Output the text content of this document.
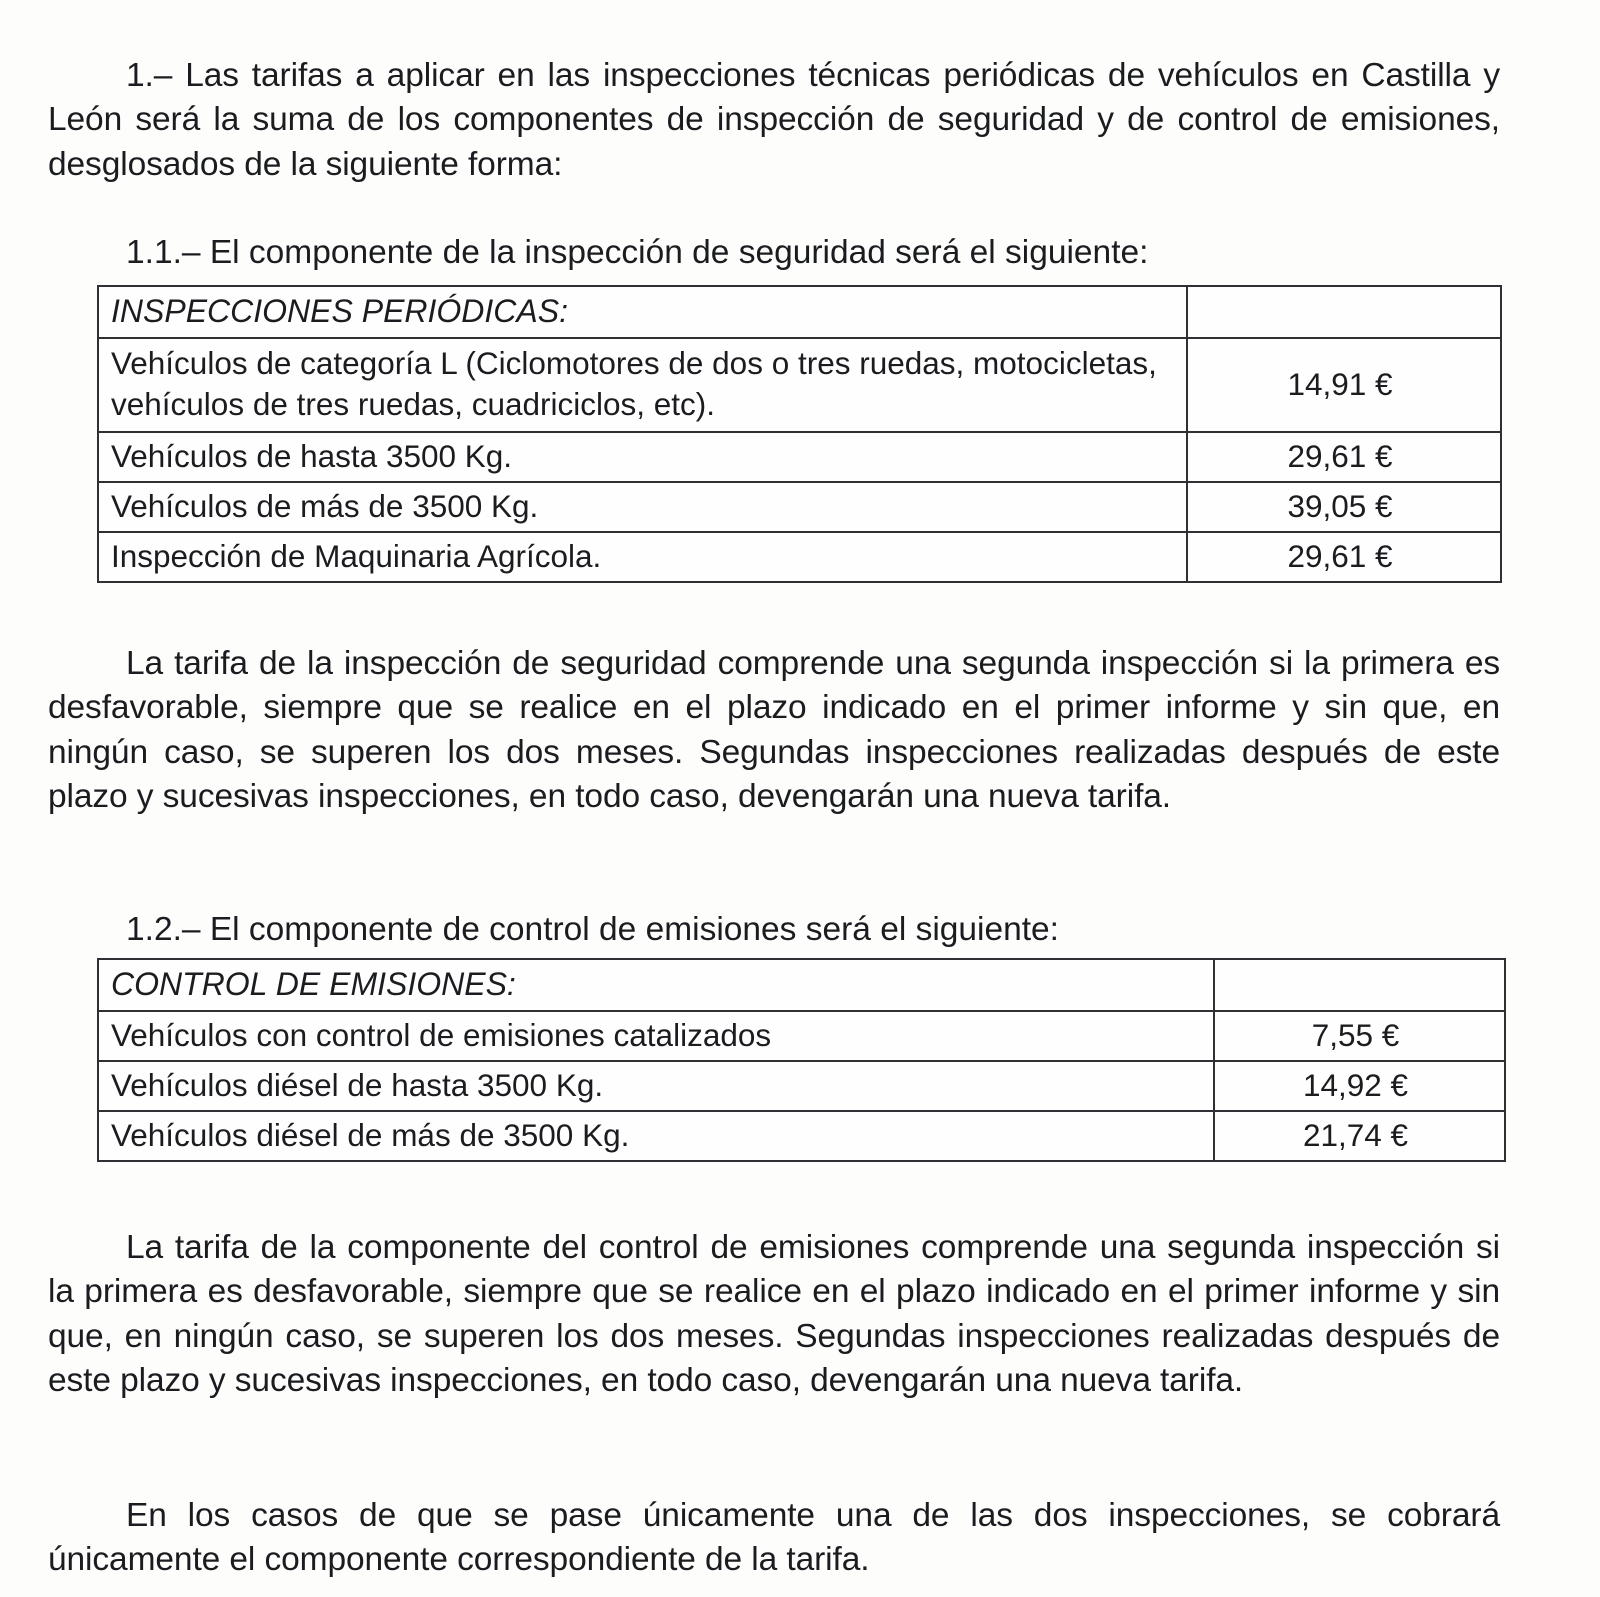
1.– Las tarifas a aplicar en las inspecciones técnicas periódicas de vehículos en Castilla y León será la suma de los componentes de inspección de seguridad y de control de emisiones, desglosados de la siguiente forma:

1.1.– El componente de la inspección de seguridad será el siguiente:

INSPECCIONES PERIÓDICAS:	
Vehículos de categoría L (Ciclomotores de dos o tres ruedas, motocicletas, vehículos de tres ruedas, cuadriciclos, etc).	14,91 €
Vehículos de hasta 3500 Kg.	29,61 €
Vehículos de más de 3500 Kg.	39,05 €
Inspección de Maquinaria Agrícola.	29,61 €

La tarifa de la inspección de seguridad comprende una segunda inspección si la primera es desfavorable, siempre que se realice en el plazo indicado en el primer informe y sin que, en ningún caso, se superen los dos meses. Segundas inspecciones realizadas después de este plazo y sucesivas inspecciones, en todo caso, devengarán una nueva tarifa.

1.2.– El componente de control de emisiones será el siguiente:

CONTROL DE EMISIONES:	
Vehículos con control de emisiones catalizados	7,55 €
Vehículos diésel de hasta 3500 Kg.	14,92 €
Vehículos diésel de más de 3500 Kg.	21,74 €

La tarifa de la componente del control de emisiones comprende una segunda inspección si la primera es desfavorable, siempre que se realice en el plazo indicado en el primer informe y sin que, en ningún caso, se superen los dos meses. Segundas inspecciones realizadas después de este plazo y sucesivas inspecciones, en todo caso, devengarán una nueva tarifa.

En los casos de que se pase únicamente una de las dos inspecciones, se cobrará únicamente el componente correspondiente de la tarifa.
